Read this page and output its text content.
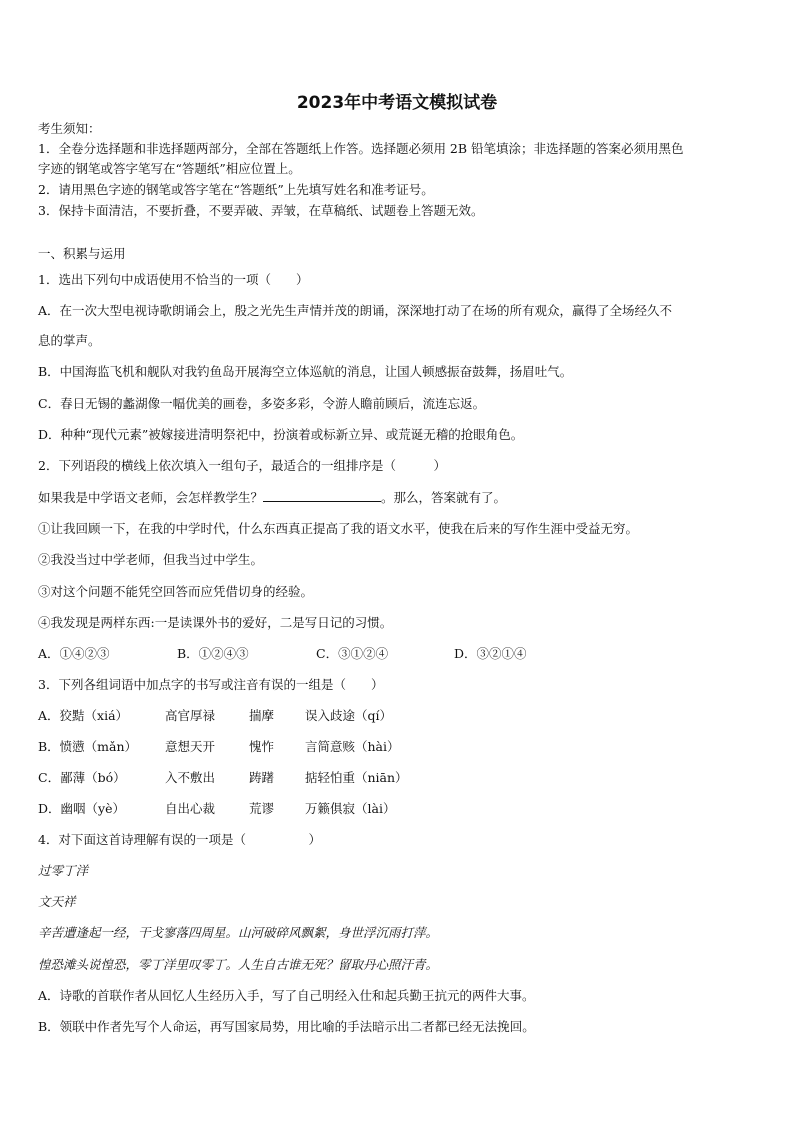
2023年中考语文模拟试卷
考生须知：
1．全卷分选择题和非选择题两部分，全部在答题纸上作答。选择题必须用 2B 铅笔填涂；非选择题的答案必须用黑色
字迹的钢笔或答字笔写在“答题纸”相应位置上。
2．请用黑色字迹的钢笔或答字笔在“答题纸”上先填写姓名和准考证号。
3．保持卡面清洁，不要折叠，不要弄破、弄皱，在草稿纸、试题卷上答题无效。
一、积累与运用
1．选出下列句中成语使用不恰当的一项（　　）
A．在一次大型电视诗歌朗诵会上，殷之光先生声情并茂的朗诵，深深地打动了在场的所有观众，赢得了全场经久不
息的掌声。
B．中国海监飞机和舰队对我钓鱼岛开展海空立体巡航的消息，让国人顿感振奋鼓舞，扬眉吐气。
C．春日无锡的蠡湖像一幅优美的画卷，多姿多彩，令游人瞻前顾后，流连忘返。
D．种种“现代元素”被嫁接进清明祭祀中，扮演着或标新立异、或荒诞无稽的抢眼角色。
2．下列语段的横线上依次填入一组句子，最适合的一组排序是（　　　）
如果我是中学语文老师，会怎样教学生？	。那么，答案就有了。
①让我回顾一下，在我的中学时代，什么东西真正提高了我的语文水平，使我在后来的写作生涯中受益无穷。
②我没当过中学老师，但我当过中学生。
③对这个问题不能凭空回答而应凭借切身的经验。
④我发现是两样东西:一是读课外书的爱好，二是写日记的习惯。
A．①④②③	B．①②④③	C．③①②④	D．③②①④
3．下列各组词语中加点字的书写或注音有误的一组是（　　）
A．狡黠（xiá）	高官厚禄	揣摩 误入歧途（qí）
B．愤懑（mǎn） 意想天开	愧怍 言简意赅（hài）
C．鄙薄（bó）	入不敷出	踌躇 掂轻怕重（niān）
D．幽咽（yè）	自出心裁	荒谬 万籁俱寂（lài）
4．对下面这首诗理解有误的一项是（　　　　　）
过零丁洋
文天祥
辛苦遭逢起一经，干戈寥落四周星。山河破碎风飘絮，身世浮沉雨打萍。
惶恐滩头说惶恐，零丁洋里叹零丁。人生自古谁无死？留取丹心照汗青。
A．诗歌的首联作者从回忆人生经历入手，写了自己明经入仕和起兵勤王抗元的两件大事。
B．领联中作者先写个人命运，再写国家局势，用比喻的手法暗示出二者都已经无法挽回。
